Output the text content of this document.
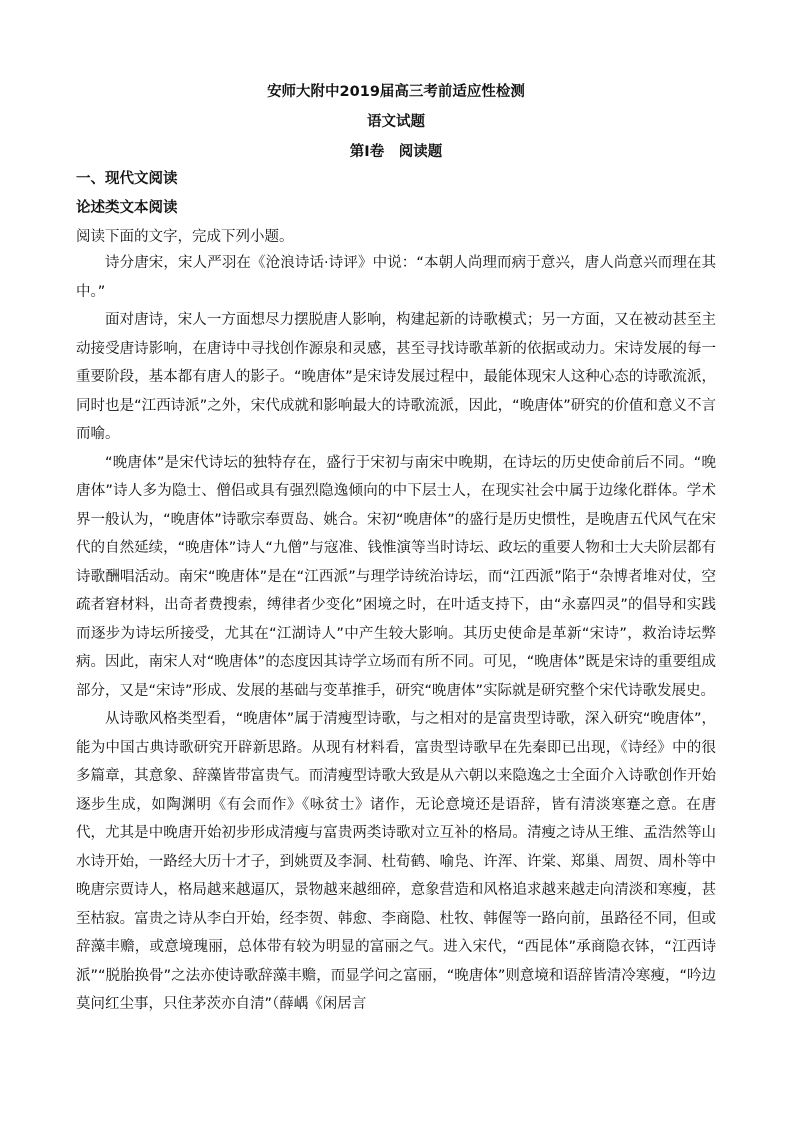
安师大附中2019届高三考前适应性检测

语文试题

第Ⅰ卷　阅读题

一、现代文阅读

论述类文本阅读

阅读下面的文字，完成下列小题。

诗分唐宋，宋人严羽在《沧浪诗话·诗评》中说：“本朝人尚理而病于意兴，唐人尚意兴而理在其中。”

面对唐诗，宋人一方面想尽力摆脱唐人影响，构建起新的诗歌模式；另一方面，又在被动甚至主动接受唐诗影响，在唐诗中寻找创作源泉和灵感，甚至寻找诗歌革新的依据或动力。宋诗发展的每一重要阶段，基本都有唐人的影子。“晚唐体”是宋诗发展过程中，最能体现宋人这种心态的诗歌流派，同时也是“江西诗派”之外，宋代成就和影响最大的诗歌流派，因此，“晚唐体”研究的价值和意义不言而喻。

“晚唐体”是宋代诗坛的独特存在，盛行于宋初与南宋中晚期，在诗坛的历史使命前后不同。“晚唐体”诗人多为隐士、僧侣或具有强烈隐逸倾向的中下层士人，在现实社会中属于边缘化群体。学术界一般认为，“晚唐体”诗歌宗奉贾岛、姚合。宋初“晚唐体”的盛行是历史惯性，是晚唐五代风气在宋代的自然延续，“晚唐体”诗人“九僧”与寇准、钱惟演等当时诗坛、政坛的重要人物和士大夫阶层都有诗歌酬唱活动。南宋“晚唐体”是在“江西派”与理学诗统治诗坛，而“江西派”陷于“杂博者堆对仗，空疏者窘材料，出奇者费搜索，缚律者少变化”困境之时，在叶适支持下，由“永嘉四灵”的倡导和实践而逐步为诗坛所接受，尤其在“江湖诗人”中产生较大影响。其历史使命是革新“宋诗”，救治诗坛弊病。因此，南宋人对“晚唐体”的态度因其诗学立场而有所不同。可见，“晚唐体”既是宋诗的重要组成部分，又是“宋诗”形成、发展的基础与变革推手，研究“晚唐体”实际就是研究整个宋代诗歌发展史。

从诗歌风格类型看，“晚唐体”属于清瘦型诗歌，与之相对的是富贵型诗歌，深入研究“晚唐体”，能为中国古典诗歌研究开辟新思路。从现有材料看，富贵型诗歌早在先秦即已出现，《诗经》中的很多篇章，其意象、辞藻皆带富贵气。而清瘦型诗歌大致是从六朝以来隐逸之士全面介入诗歌创作开始逐步生成，如陶渊明《有会而作》《咏贫士》诸作，无论意境还是语辞，皆有清淡寒蹇之意。在唐代，尤其是中晚唐开始初步形成清瘦与富贵两类诗歌对立互补的格局。清瘦之诗从王维、孟浩然等山水诗开始，一路经大历十才子，到姚贾及李洞、杜荀鹤、喻凫、许浑、许棠、郑巢、周贺、周朴等中晚唐宗贾诗人，格局越来越逼仄，景物越来越细碎，意象营造和风格追求越来越走向清淡和寒瘦，甚至枯寂。富贵之诗从李白开始，经李贺、韩愈、李商隐、杜牧、韩偓等一路向前，虽路径不同，但或辞藻丰赡，或意境瑰丽，总体带有较为明显的富丽之气。进入宋代，“西昆体”承商隐衣钵，“江西诗派”“脱胎换骨”之法亦使诗歌辞藻丰赡，而显学问之富丽，“晚唐体”则意境和语辞皆清冷寒瘦，“吟边莫问红尘事，只住茅茨亦自清”（薛嵎《闲居言
